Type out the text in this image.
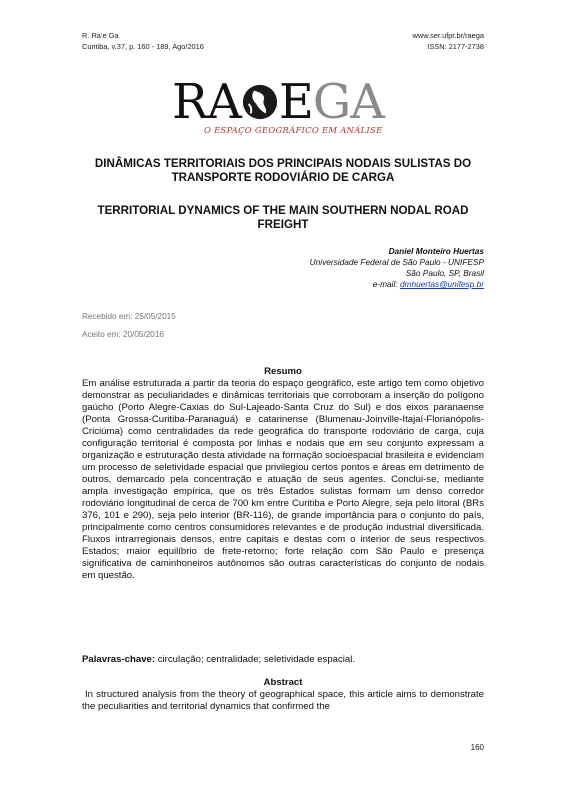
R. Ra’e Ga
Curitiba, v.37, p. 160 - 189, Ago/2016
www.ser.ufpr.br/raega
ISSN: 2177-2738
RA EGA
O ESPAÇO GEOGRÁFICO EM ANÁLISE
DINÂMICAS TERRITORIAIS DOS PRINCIPAIS NODAIS SULISTAS DO TRANSPORTE RODOVIÁRIO DE CARGA
TERRITORIAL DYNAMICS OF THE MAIN SOUTHERN NODAL ROAD FREIGHT
Daniel Monteiro Huertas
Universidade Federal de São Paulo - UNIFESP
São Paulo, SP, Brasil
e-mail: dmhuertas@unifesp.br
Recebido em: 25/05/2015
Aceito em: 20/05/2016
Resumo
Em análise estruturada a partir da teoria do espaço geográfico, este artigo tem como objetivo demonstrar as peculiaridades e dinâmicas territoriais que corroboram a inserção do polígono gaúcho (Porto Alegre-Caxias do Sul-Lajeado-Santa Cruz do Sul) e dos eixos paranaense (Ponta Grossa-Curitiba-Paranaguá) e catarinense (Blumenau-Joinville-Itajaí-Florianópolis-Criciúma) como centralidades da rede geográfica do transporte rodoviário de carga, cuja configuração territorial é composta por linhas e nodais que em seu conjunto expressam a organização e estruturação desta atividade na formação socioespacial brasileira e evidenciam um processo de seletividade espacial que privilegiou certos pontos e áreas em detrimento de outros, demarcado pela concentração e atuação de seus agentes. Conclui-se, mediante ampla investigação empírica, que os três Estados sulistas formam um denso corredor rodoviário longitudinal de cerca de 700 km entre Curitiba e Porto Alegre, seja pelo litoral (BRs 376, 101 e 290), seja pelo interior (BR-116), de grande importância para o conjunto do país, principalmente como centros consumidores relevantes e de produção industrial diversificada. Fluxos intrarregionais densos, entre capitais e destas com o interior de seus respectivos Estados; maior equilíbrio de frete-retorno; forte relação com São Paulo e presença significativa de caminhoneiros autônomos são outras características do conjunto de nodais em questão.
Palavras-chave: circulação; centralidade; seletividade espacial.
Abstract
In structured analysis from the theory of geographical space, this article aims to demonstrate the peculiarities and territorial dynamics that confirmed the
160
